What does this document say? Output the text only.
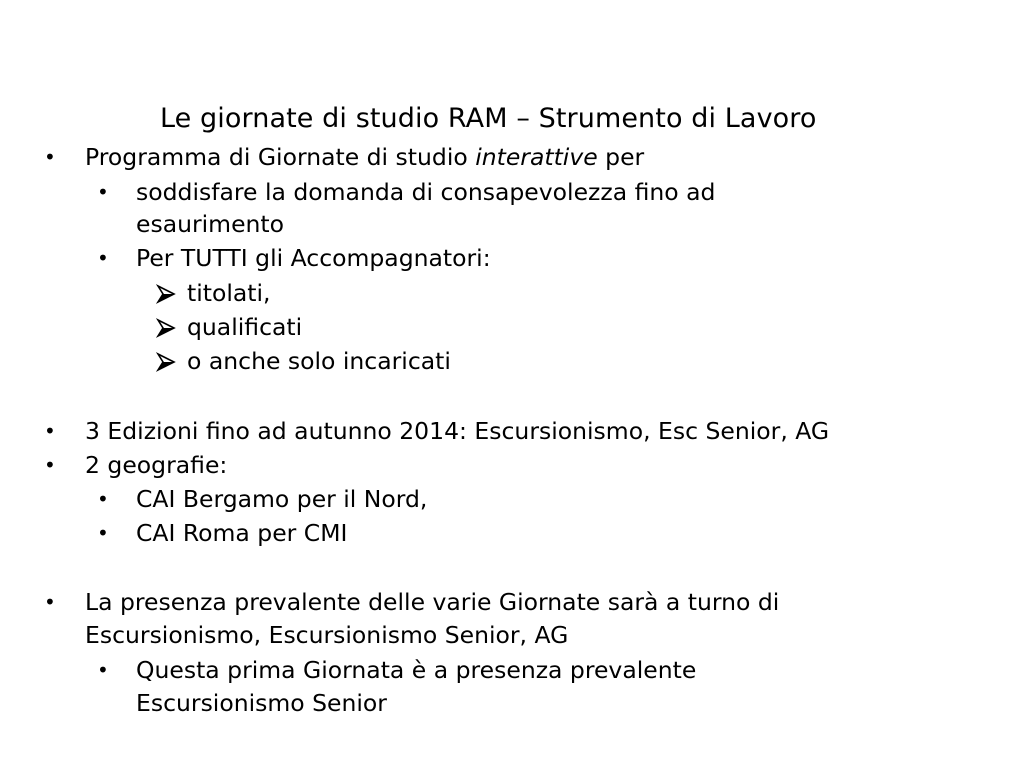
Le giornate di studio RAM – Strumento di Lavoro
• Programma di Giornate di studio interattive per
• soddisfare la domanda di consapevolezza fino ad
esaurimento
• Per TUTTI gli Accompagnatori:
titolati,
qualificati
o anche solo incaricati
• 3 Edizioni fino ad autunno 2014: Escursionismo, Esc Senior, AG
• 2 geografie:
• CAI Bergamo per il Nord,
• CAI Roma per CMI
• La presenza prevalente delle varie Giornate sarà a turno di
Escursionismo, Escursionismo Senior, AG
• Questa prima Giornata è a presenza prevalente
Escursionismo Senior
